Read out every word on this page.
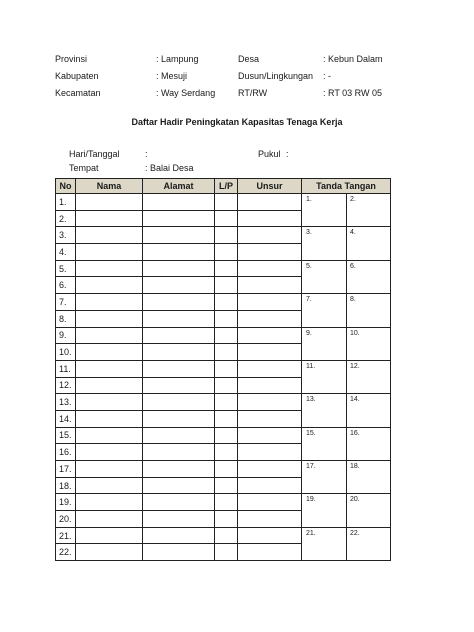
Provinsi	: Lampung	Desa	: Kebun Dalam
Kabupaten	: Mesuji	Dusun/Lingkungan : -
Kecamatan	: Way Serdang	RT/RW	: RT 03 RW 05
Daftar Hadir Peningkatan Kapasitas Tenaga Kerja
Hari/Tanggal	:	Pukul :
Tempat	: Balai Desa
No	Nama	Alamat	L/P	Unsur	Tanda Tangan
1.					1. 2.

2.					
3.					3. 4.

4.					
5.					5. 6.

6.					
7.					7. 8.

8.					
9.					9. 10.

10.					
11.					11. 12.

12.					
13.					13. 14.

14.					
15.					15. 16.

16.					
17.					17. 18.

18.					
19.					19. 20.

20.					
21.					21. 22.

22.					
